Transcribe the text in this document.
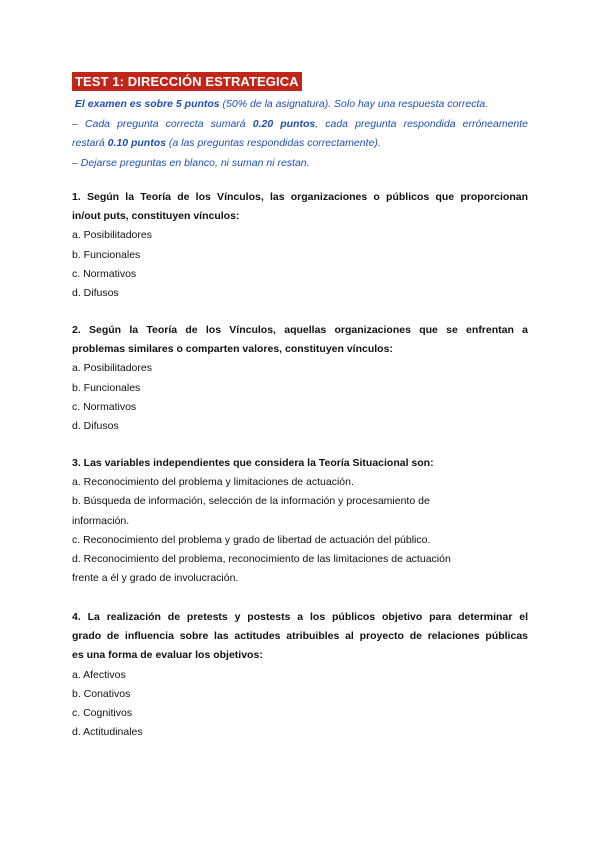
TEST 1: DIRECCIÓN ESTRATEGICA

El examen es sobre 5 puntos (50% de la asignatura). Solo hay una respuesta correcta.

– Cada pregunta correcta sumará 0.20 puntos, cada pregunta respondida erróneamente

restará 0.10 puntos (a las preguntas respondidas correctamente).

– Dejarse preguntas en blanco, ni suman ni restan.

1. Según la Teoría de los Vínculos, las organizaciones o públicos que proporcionan
in/out puts, constituyen vínculos:

a. Posibilitadores

b. Funcionales

c. Normativos

d. Difusos

2. Según la Teoría de los Vínculos, aquellas organizaciones que se enfrentan a
problemas similares o comparten valores, constituyen vínculos:

a. Posibilitadores

b. Funcionales

c. Normativos

d. Difusos

3. Las variables independientes que considera la Teoría Situacional son:

a. Reconocimiento del problema y limitaciones de actuación.

b. Búsqueda de información, selección de la información y procesamiento de

información.

c. Reconocimiento del problema y grado de libertad de actuación del público.

d. Reconocimiento del problema, reconocimiento de las limitaciones de actuación

frente a él y grado de involucración.

4. La realización de pretests y postests a los públicos objetivo para determinar el
grado de influencia sobre las actitudes atribuibles al proyecto de relaciones públicas
es una forma de evaluar los objetivos:

a. Afectivos

b. Conativos

c. Cognitivos

d. Actitudinales
